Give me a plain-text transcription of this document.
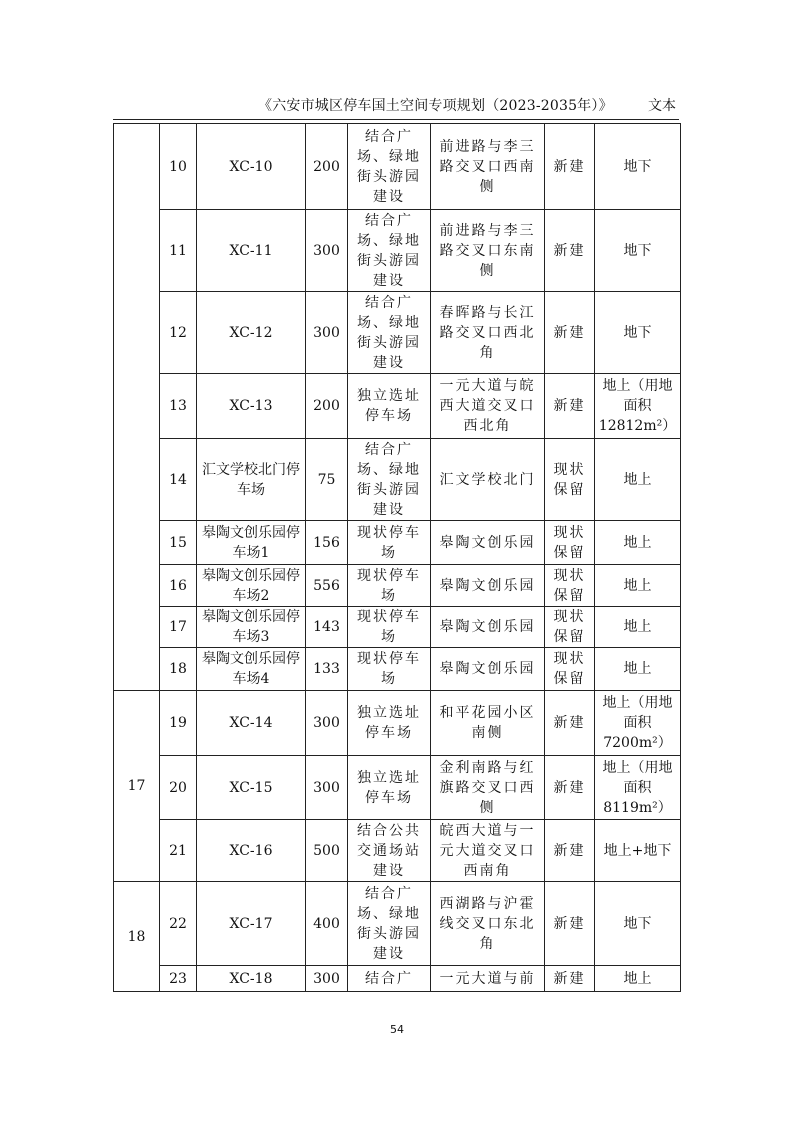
《六安市城区停车国土空间专项规划（2023-2035年）》	文本
	10	XC-10	200	结合广场、绿地街头游园建设	前进路与李三路交叉口西南侧	新建	地下
	11	XC-11	300	结合广场、绿地街头游园建设	前进路与李三路交叉口东南侧	新建	地下
	12	XC-12	300	结合广场、绿地街头游园建设	春晖路与长江路交叉口西北角	新建	地下
	13	XC-13	200	独立选址停车场	一元大道与皖西大道交叉口西北角	新建	地上（用地面积12812m²）
	14	汇文学校北门停车场	75	结合广场、绿地街头游园建设	汇文学校北门	现状保留	地上
	15	皋陶文创乐园停车场1	156	现状停车场	皋陶文创乐园	现状保留	地上
	16	皋陶文创乐园停车场2	556	现状停车场	皋陶文创乐园	现状保留	地上
	17	皋陶文创乐园停车场3	143	现状停车场	皋陶文创乐园	现状保留	地上
	18	皋陶文创乐园停车场4	133	现状停车场	皋陶文创乐园	现状保留	地上
17	19	XC-14	300	独立选址停车场	和平花园小区南侧	新建	地上（用地面积7200m²）
	20	XC-15	300	独立选址停车场	金利南路与红旗路交叉口西侧	新建	地上（用地面积8119m²）
	21	XC-16	500	结合公共交通场站建设	皖西大道与一元大道交叉口西南角	新建	地上+地下
18	22	XC-17	400	结合广场、绿地街头游园建设	西湖路与沪霍线交叉口东北角	新建	地下
	23	XC-18	300	结合广	一元大道与前	新建	地上
54
